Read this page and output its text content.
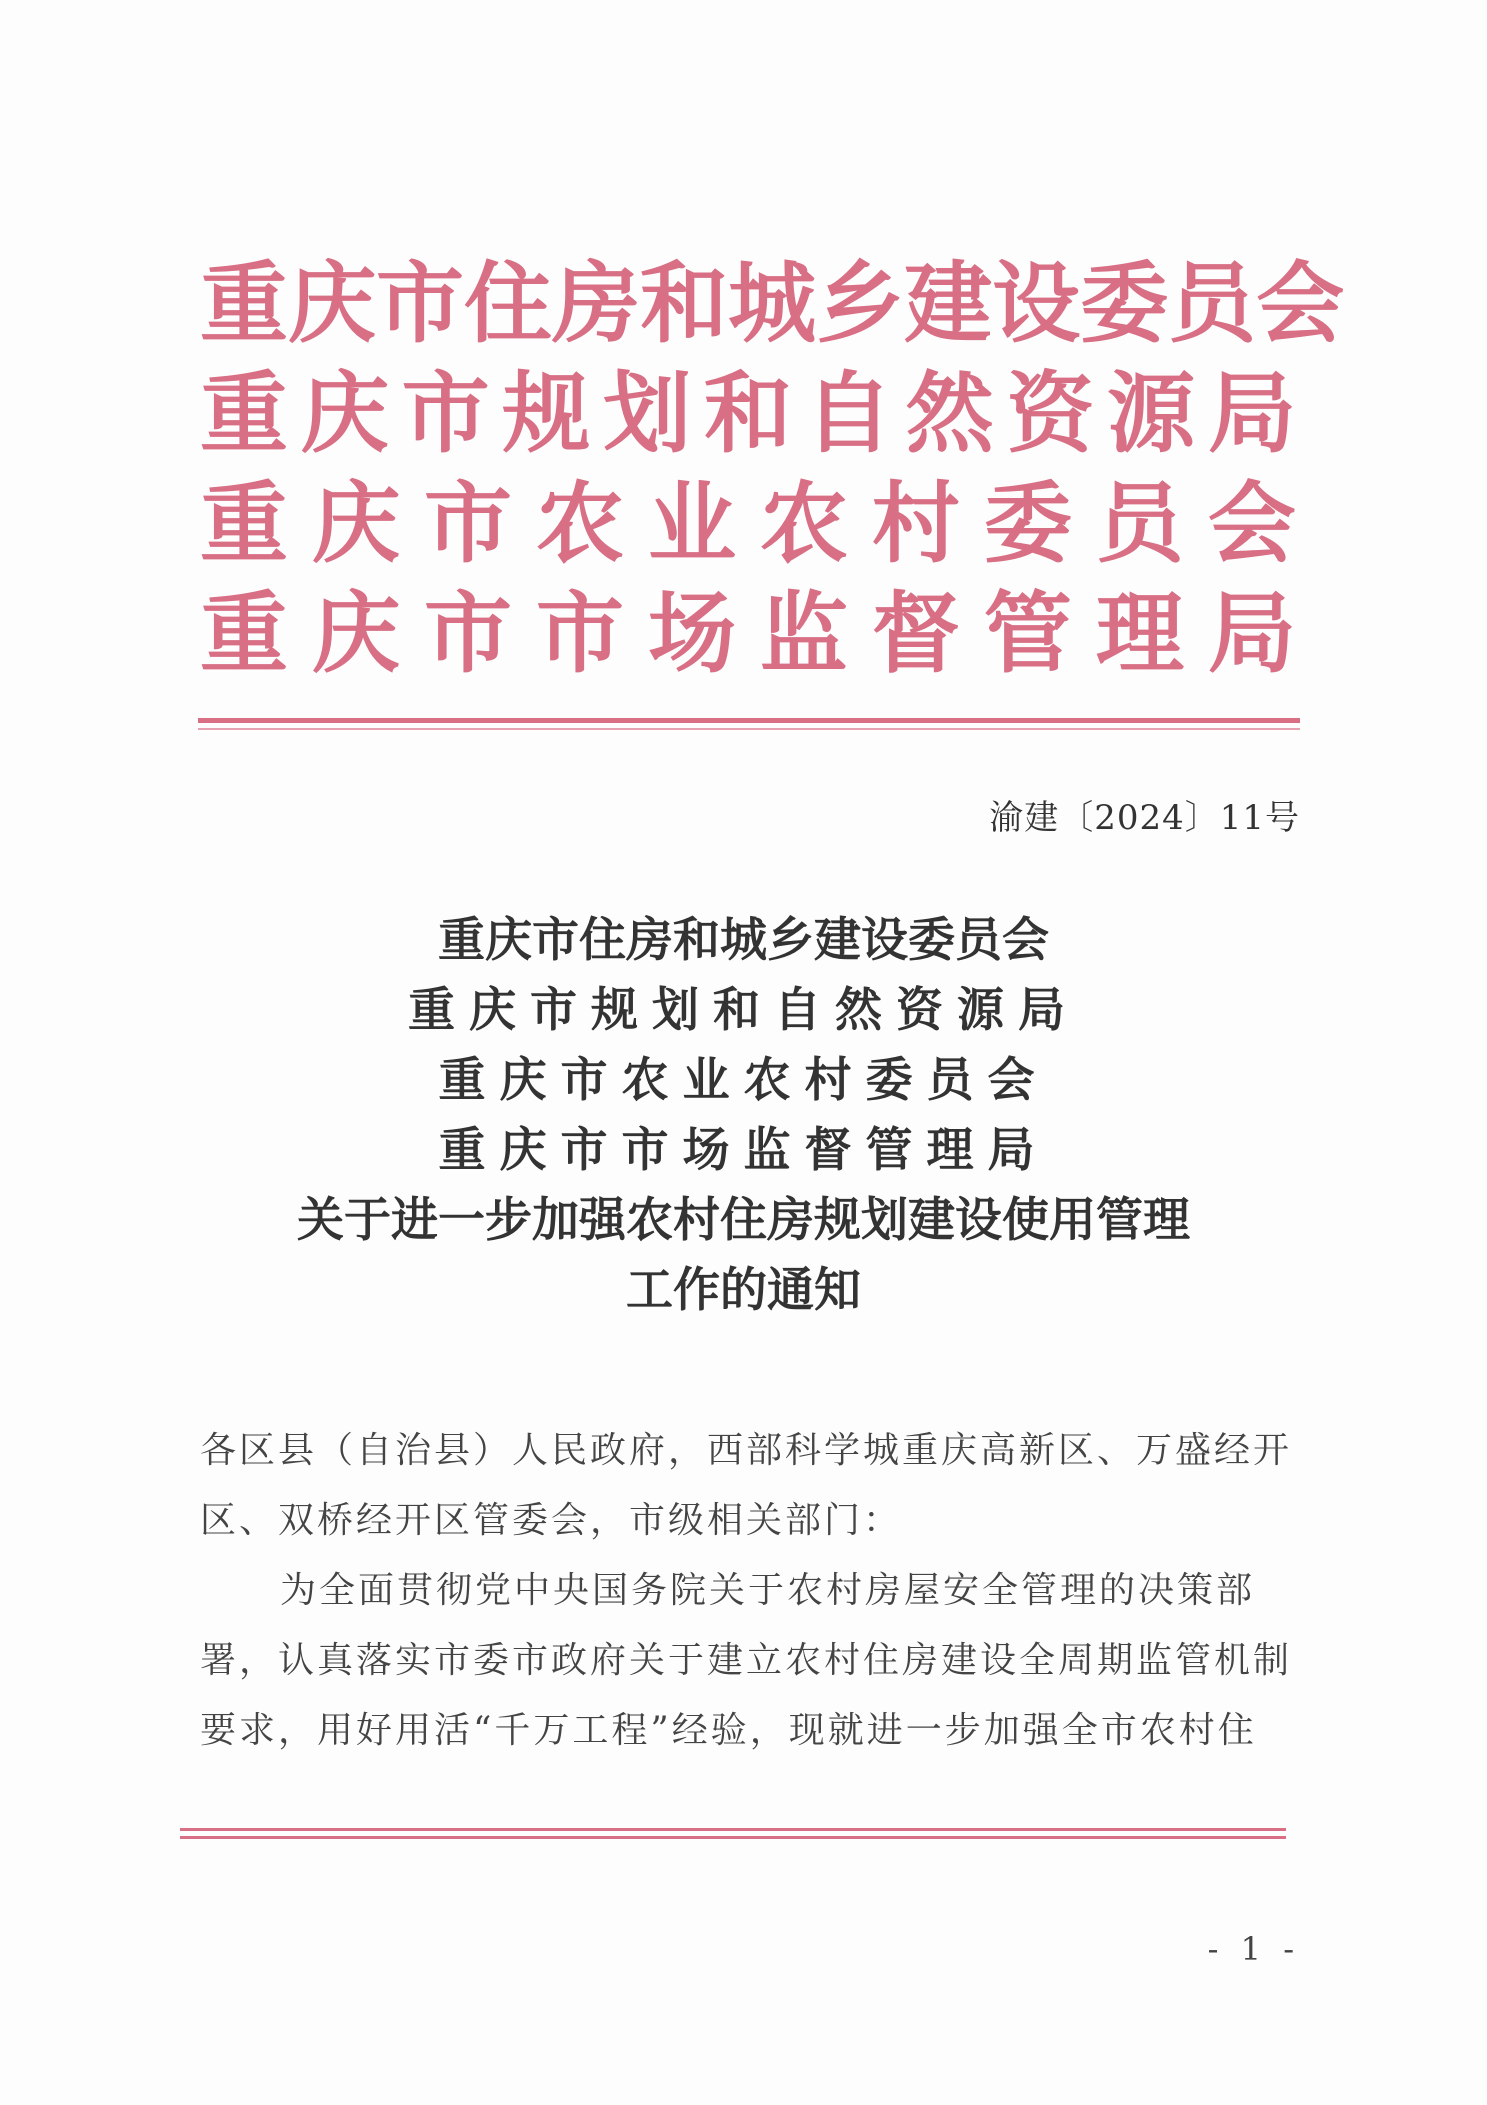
重 庆 市 住 房 和 城 乡 建 设 委 员 会
重 庆 市 规 划 和 自 然 资 源 局
重 庆 市 农 业 农 村 委 员 会
重 庆 市 市 场 监 督 管 理 局
渝建〔2024〕11号
重庆市住房和城乡建设委员会
重庆市规划和自然资源局
重庆市农业农村委员会
重庆市市场监督管理局
关于进一步加强农村住房规划建设使用管理
工作的通知
各区县（自治县）人民政府，西部科学城重庆高新区、万盛经开区、双桥经开区管委会，市级相关部门：
为全面贯彻党中央国务院关于农村房屋安全管理的决策部署，认真落实市委市政府关于建立农村住房建设全周期监管机制要求，用好用活“千万工程”经验，现就进一步加强全市农村住
- 1 -
